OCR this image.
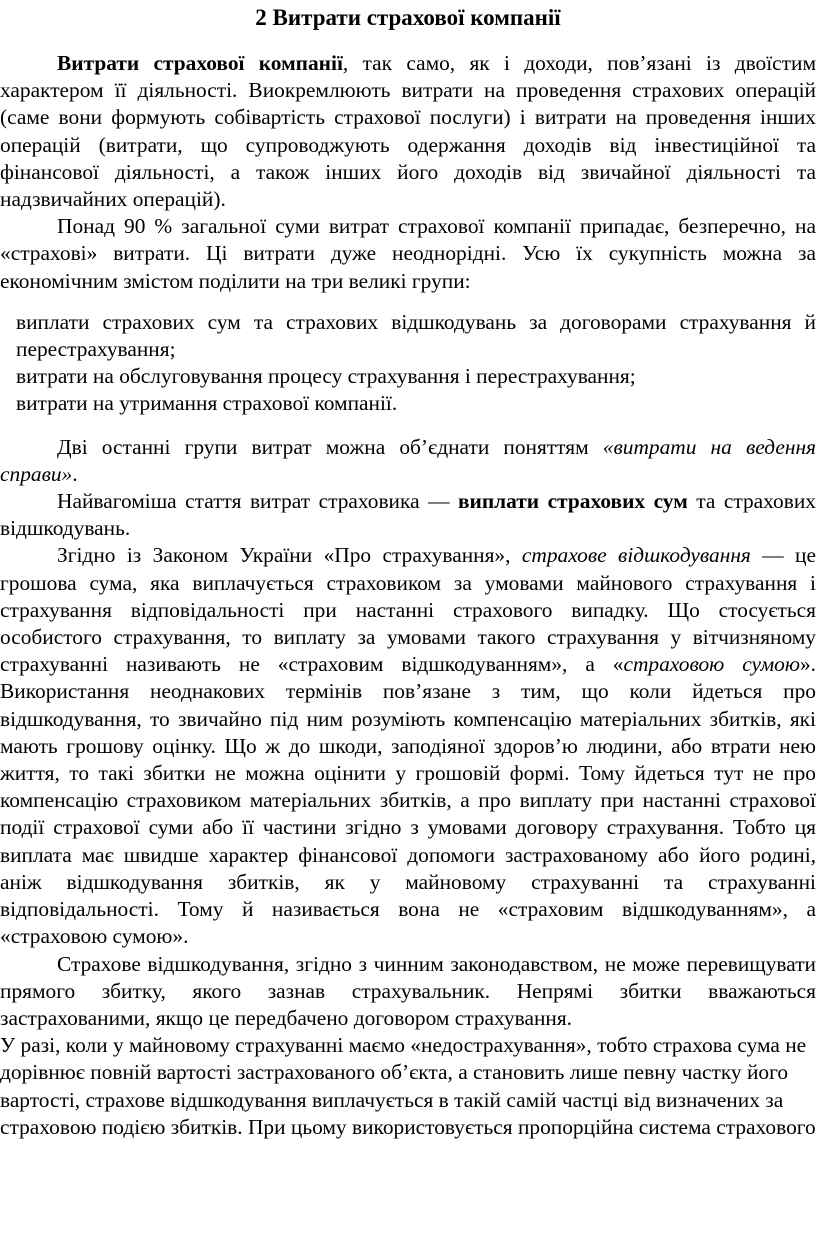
2 Витрати страхової компанії

Витрати страхової компанії, так само, як і доходи, пов’язані із двоїстим характером її діяльності. Виокремлюють витрати на проведення страхових операцій (саме вони формують собівартість страхової послуги) і витрати на проведення інших операцій (витрати, що супроводжують одержання доходів від інвестиційної та фінансової діяльності, а також інших його доходів від звичайної діяльності та надзвичайних операцій).

Понад 90 % загальної суми витрат страхової компанії припадає, безперечно, на «страхові» витрати. Ці витрати дуже неоднорідні. Усю їх сукупність можна за економічним змістом поділити на три великі групи:

виплати страхових сум та страхових відшкодувань за договорами страхування й перестрахування;

витрати на обслуговування процесу страхування і перестрахування;

витрати на утримання страхової компанії.

Дві останні групи витрат можна об’єднати поняттям «витрати на ведення справи».

Найвагоміша стаття витрат страховика — виплати страхових сум та страхових відшкодувань.

Згідно із Законом України «Про страхування», страхове відшкодування — це грошова сума, яка виплачується страховиком за умовами майнового страхування і страхування відповідальності при настанні страхового випадку. Що стосується особистого страхування, то виплату за умовами такого страхування у вітчизняному страхуванні називають не «страховим відшкодуванням», а «страховою сумою». Використання неоднакових термінів пов’язане з тим, що коли йдеться про відшкодування, то звичайно під ним розуміють компенсацію матеріальних збитків, які мають грошову оцінку. Що ж до шкоди, заподіяної здоров’ю людини, або втрати нею життя, то такі збитки не можна оцінити у грошовій формі. Тому йдеться тут не про компенсацію страховиком матеріальних збитків, а про виплату при настанні страхової події страхової суми або її частини згідно з умовами договору страхування. Тобто ця виплата має швидше характер фінансової допомоги застрахованому або його родині, аніж відшкодування збитків, як у майновому страхуванні та страхуванні відповідальності. Тому й називається вона не «страховим відшкодуванням», а «страховою сумою».

Страхове відшкодування, згідно з чинним законодавством, не може перевищувати прямого збитку, якого зазнав страхувальник. Непрямі збитки вважаються застрахованими, якщо це передбачено договором страхування.

У разі, коли у майновому страхуванні маємо «недострахування», тобто страхова сума не дорівнює повній вартості застрахованого об’єкта, а становить лише певну частку його вартості, страхове відшкодування виплачується в такій самій частці від визначених за страховою подією збитків. При цьому використовується пропорційна система страхового
